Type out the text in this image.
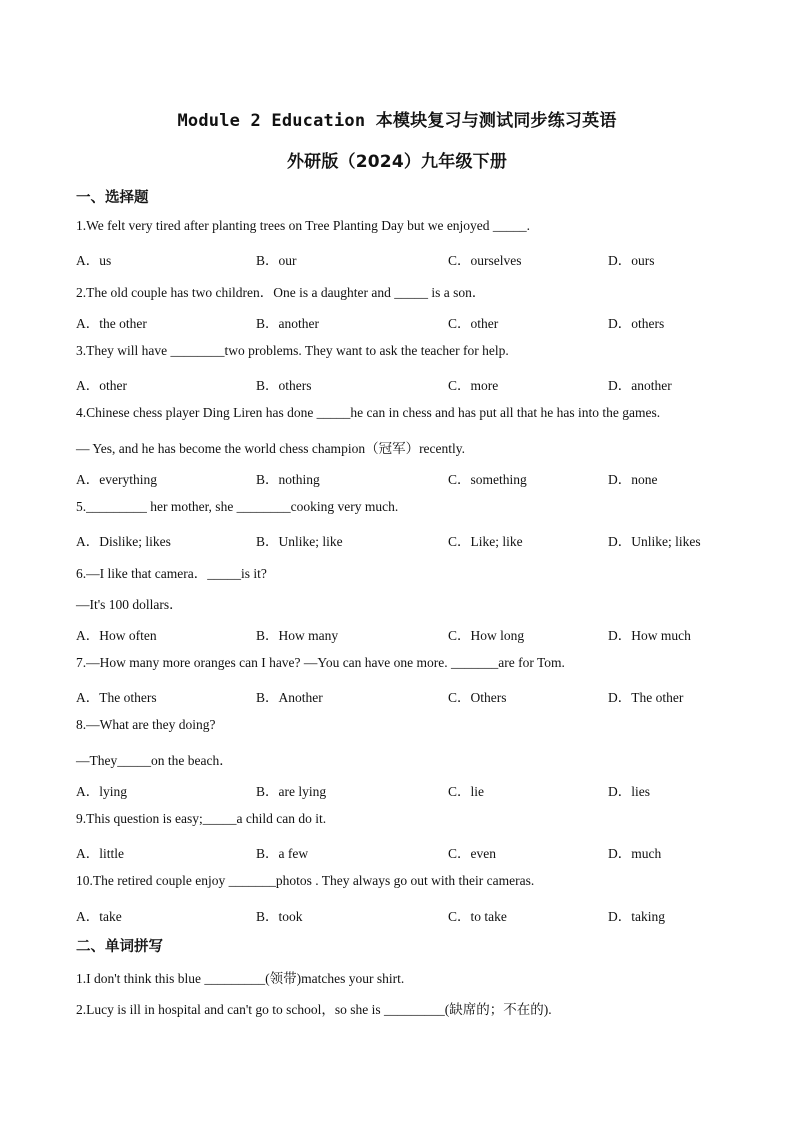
Module 2 Education 本模块复习与测试同步练习英语
外研版（2024）九年级下册
一、选择题
1.We felt very tired after planting trees on Tree Planting Day but we enjoyed _____.
A．us	B．our	C．ourselves	D．ours
2.The old couple has two children．One is a daughter and _____ is a son．
A．the other	B．another	C．other	D．others
3.They will have ________two problems. They want to ask the teacher for help.
A．other	B．others	C．more	D．another
4.Chinese chess player Ding Liren has done _____he can in chess and has put all that he has into the games.
— Yes, and he has become the world chess champion（冠军）recently.
A．everything	B．nothing	C．something	D．none
5._________ her mother, she ________cooking very much.
A．Dislike; likes	B．Unlike; like	C．Like; like	D．Unlike; likes
6.—I like that camera．_____is it?
—It's 100 dollars．
A．How often	B．How many	C．How long	D．How much
7.—How many more oranges can I have? —You can have one more. _______are for Tom.
A．The others	B．Another	C．Others	D．The other
8.—What are they doing?
—They_____on the beach．
A．lying	B．are lying	C．lie	D．lies
9.This question is easy;_____a child can do it.
A．little	B．a few	C．even	D．much
10.The retired couple enjoy _______photos . They always go out with their cameras.
A．take	B．took	C．to take	D．taking
二、单词拼写
1.I don't think this blue _________(领带)matches your shirt.
2.Lucy is ill in hospital and can't go to school，so she is _________(缺席的；不在的).
